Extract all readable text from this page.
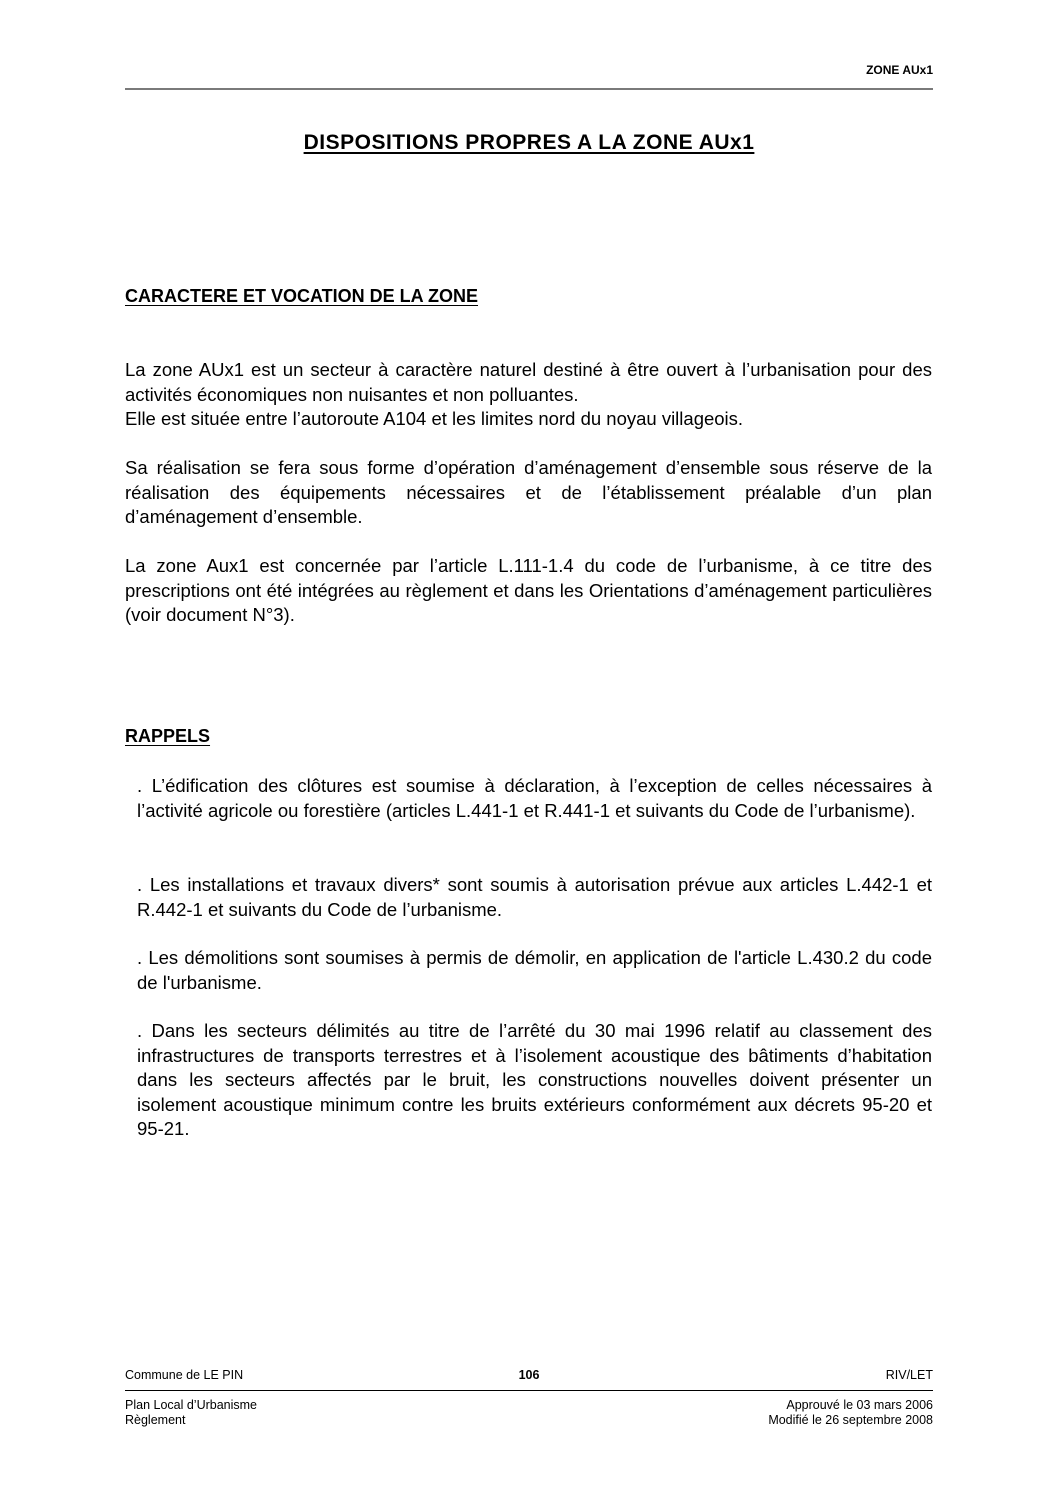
ZONE AUx1
DISPOSITIONS PROPRES A LA ZONE AUx1
CARACTERE ET VOCATION DE LA ZONE

La zone AUx1 est un secteur à caractère naturel destiné à être ouvert à l’urbanisation pour des activités économiques non nuisantes et non polluantes.
Elle est située entre l’autoroute A104 et les limites nord du noyau villageois.

Sa réalisation se fera sous forme d’opération d’aménagement d’ensemble sous réserve de la réalisation des équipements nécessaires et de l’établissement préalable d’un plan d’aménagement d’ensemble.

La zone Aux1 est concernée par l’article L.111-1.4 du code de l’urbanisme, à ce titre des prescriptions ont été intégrées au règlement et dans les Orientations d’aménagement particulières (voir document N°3).

RAPPELS

. L’édification des clôtures est soumise à déclaration, à l’exception de celles nécessaires à l’activité agricole ou forestière (articles L.441-1 et R.441-1 et suivants du Code de l’urbanisme).

. Les installations et travaux divers* sont soumis à autorisation prévue aux articles L.442-1 et R.442-1 et suivants du Code de l’urbanisme.

. Les démolitions sont soumises à permis de démolir, en application de l'article L.430.2 du code de l'urbanisme.

. Dans les secteurs délimités au titre de l’arrêté du 30 mai 1996 relatif au classement des infrastructures de transports terrestres et à l’isolement acoustique des bâtiments d’habitation dans les secteurs affectés par le bruit, les constructions nouvelles doivent présenter un isolement acoustique minimum contre les bruits extérieurs conformément aux décrets 95-20 et 95-21.

Commune de LE PIN	106	RIV/LET
Plan Local d’Urbanisme
Règlement
Approuvé le 03 mars 2006
Modifié le 26 septembre 2008
